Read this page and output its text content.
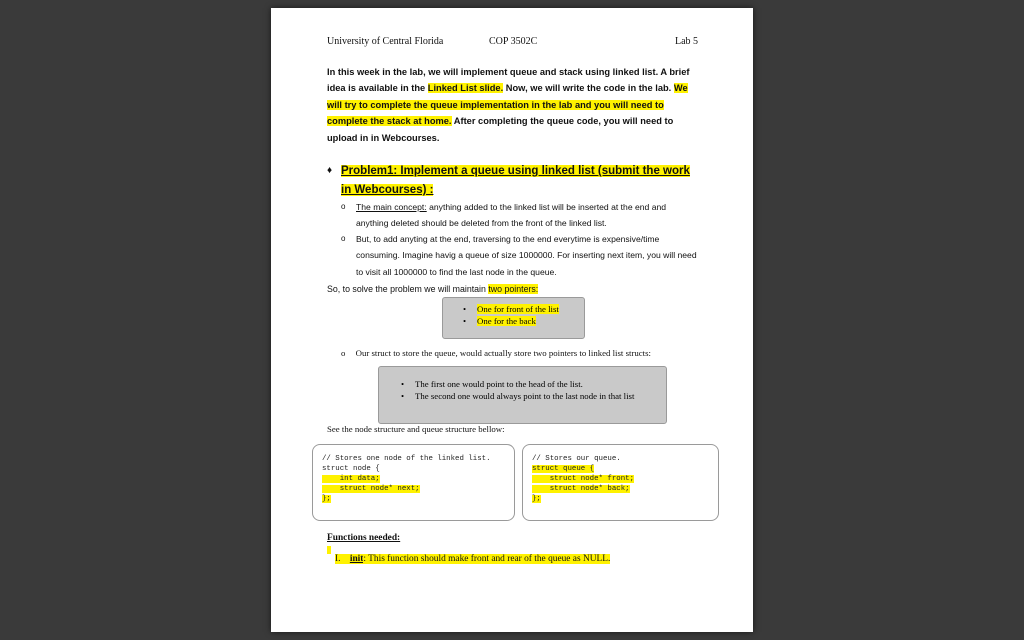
University of Central Florida	COP 3502C	Lab 5
In this week in the lab, we will implement queue and stack using linked list. A brief idea is available in the Linked List slide. Now, we will write the code in the lab. We will try to complete the queue implementation in the lab and you will need to complete the stack at home. After completing the queue code, you will need to upload in in Webcourses.
♦ Problem1: Implement a queue using linked list (submit the work in Webcourses) :
o The main concept: anything added to the linked list will be inserted at the end and anything deleted should be deleted from the front of the linked list.
o But, to add anyting at the end, traversing to the end everytime is expensive/time consuming. Imagine havig a queue of size 1000000. For inserting next item, you will need to visit all 1000000 to find the last node in the queue.
So, to solve the problem we will maintain two pointers:
• One for front of the list
• One for the back
o Our struct to store the queue, would actually store two pointers to linked list structs:
• The first one would point to the head of the list.
• The second one would always point to the last node in that list
See the node structure and queue structure bellow:
// Stores one node of the linked list.
struct node {
int data;
struct node* next;
};
// Stores our queue.
struct queue {
struct node* front;
struct node* back;
};
Functions needed:
I. init: This function should make front and rear of the queue as NULL.
